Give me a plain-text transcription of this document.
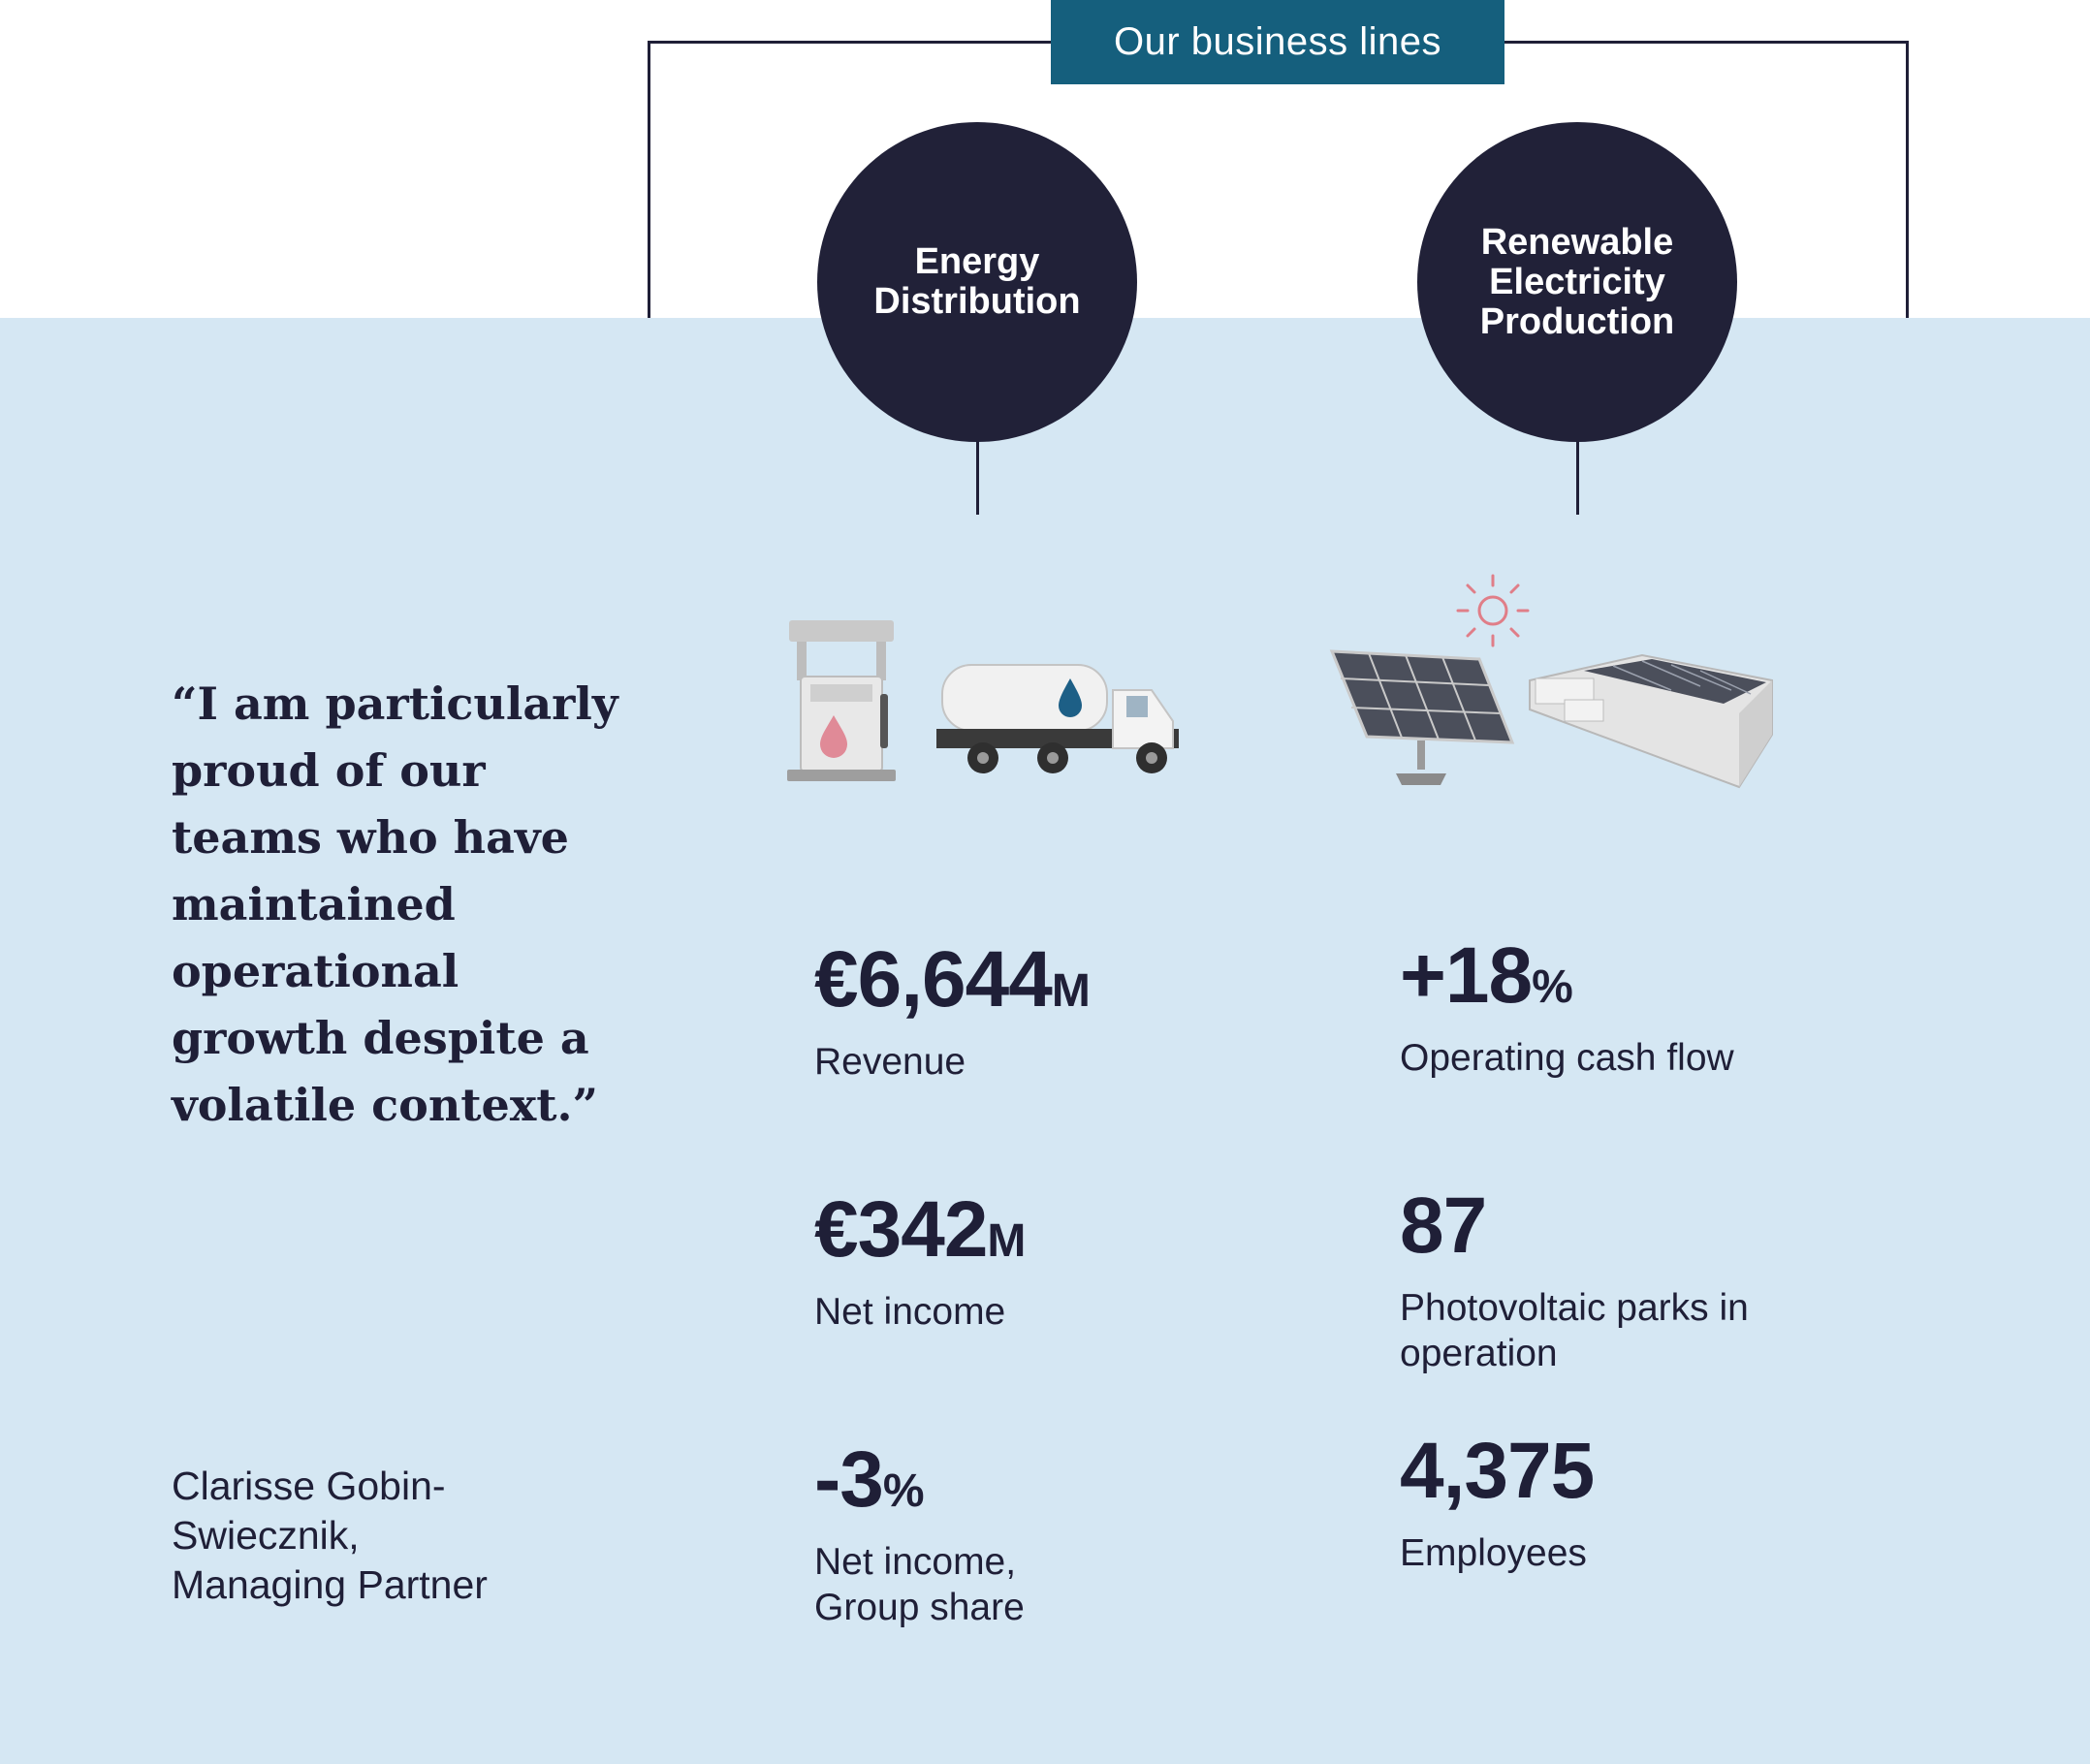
Our business lines
Energy Distribution
Renewable Electricity Production
“I am particularly proud of our teams who have maintained operational growth despite a volatile context.”
Clarisse Gobin-Swiecznik,
Managing Partner
€6,644M
Revenue
€342M
Net income
-3%
Net income, Group share
+18%
Operating cash flow
87
Photovoltaic parks in operation
4,375
Employees
